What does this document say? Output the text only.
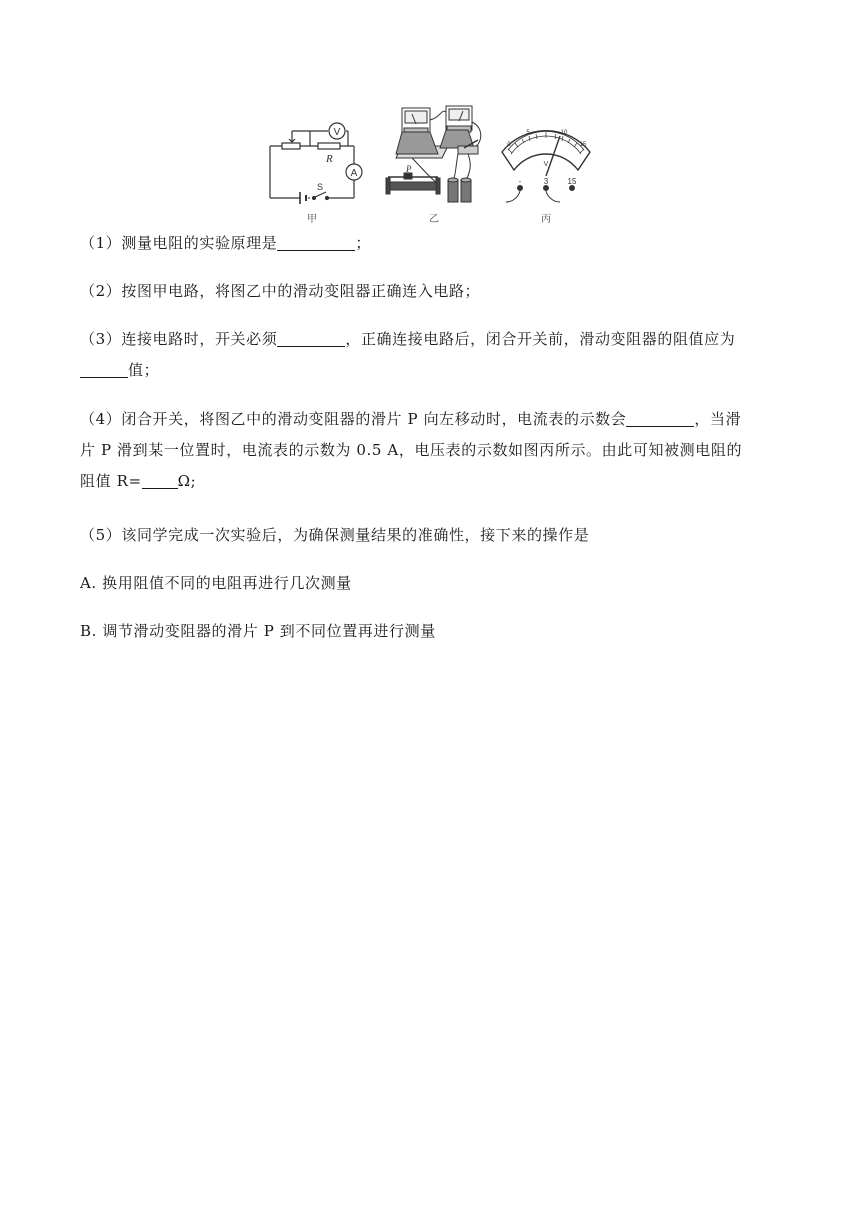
V
A
R
S
甲
P
乙
0
5	10
15
V
-	3 15
丙
（1）测量电阻的实验原理是	；
（2）按图甲电路，将图乙中的滑动变阻器正确连入电路；
（3）连接电路时，开关必须	，正确连接电路后，闭合开关前，滑动变阻器的阻值应为
值；
（4）闭合开关，将图乙中的滑动变阻器的滑片 P 向左移动时，电流表的示数会	，当滑
片 P 滑到某一位置时，电流表的示数为 0.5 A，电压表的示数如图丙所示。由此可知被测电阻的
阻值 R= Ω;
（5）该同学完成一次实验后，为确保测量结果的准确性，接下来的操作是
A. 换用阻值不同的电阻再进行几次测量
B. 调节滑动变阻器的滑片 P 到不同位置再进行测量
